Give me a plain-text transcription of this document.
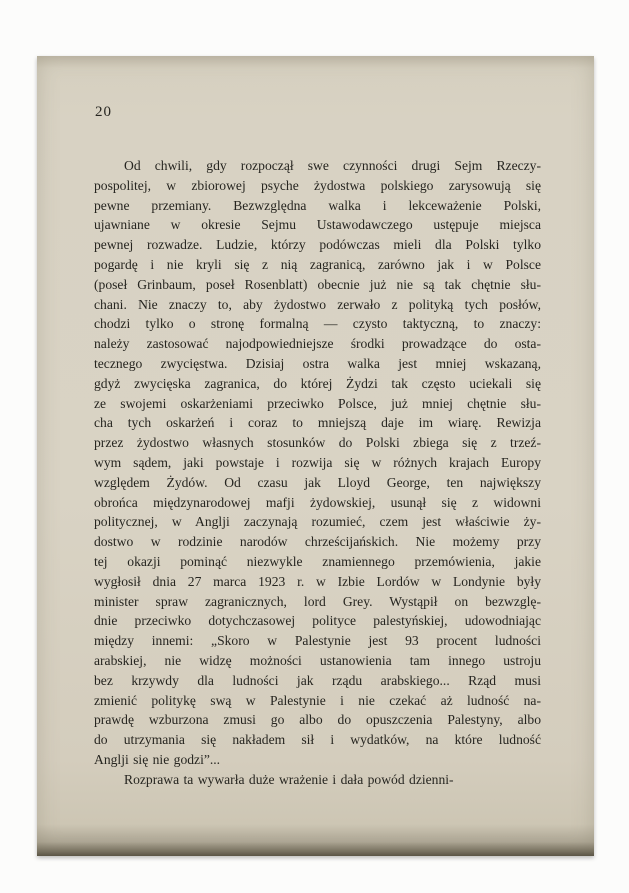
20
Od chwili, gdy rozpoczął swe czynności drugi Sejm Rzeczy-
pospolitej, w zbiorowej psyche żydostwa polskiego zarysowują się
pewne przemiany. Bezwzględna walka i lekceważenie Polski,
ujawniane w okresie Sejmu Ustawodawczego ustępuje miejsca
pewnej rozwadze. Ludzie, którzy podówczas mieli dla Polski tylko
pogardę i nie kryli się z nią zagranicą, zarówno jak i w Polsce
(poseł Grinbaum, poseł Rosenblatt) obecnie już nie są tak chętnie słu-
chani. Nie znaczy to, aby żydostwo zerwało z polityką tych posłów,
chodzi tylko o stronę formalną — czysto taktyczną, to znaczy:
należy zastosować najodpowiedniejsze środki prowadzące do osta-
tecznego zwycięstwa. Dzisiaj ostra walka jest mniej wskazaną,
gdyż zwycięska zagranica, do której Żydzi tak często uciekali się
ze swojemi oskarżeniami przeciwko Polsce, już mniej chętnie słu-
cha tych oskarżeń i coraz to mniejszą daje im wiarę. Rewizja
przez żydostwo własnych stosunków do Polski zbiega się z trzeź-
wym sądem, jaki powstaje i rozwija się w różnych krajach Europy
względem Żydów. Od czasu jak Lloyd George, ten największy
obrońca międzynarodowej mafji żydowskiej, usunął się z widowni
politycznej, w Anglji zaczynają rozumieć, czem jest właściwie ży-
dostwo w rodzinie narodów chrześcijańskich. Nie możemy przy
tej okazji pominąć niezwykle znamiennego przemówienia, jakie
wygłosił dnia 27 marca 1923 r. w Izbie Lordów w Londynie były
minister spraw zagranicznych, lord Grey. Wystąpił on bezwzglę-
dnie przeciwko dotychczasowej polityce palestyńskiej, udowodniając
między innemi: „Skoro w Palestynie jest 93 procent ludności
arabskiej, nie widzę możności ustanowienia tam innego ustroju
bez krzywdy dla ludności jak rządu arabskiego... Rząd musi
zmienić politykę swą w Palestynie i nie czekać aż ludność na-
prawdę wzburzona zmusi go albo do opuszczenia Palestyny, albo
do utrzymania się nakładem sił i wydatków, na które ludność
Anglji się nie godzi”...
Rozprawa ta wywarła duże wrażenie i dała powód dzienni-
